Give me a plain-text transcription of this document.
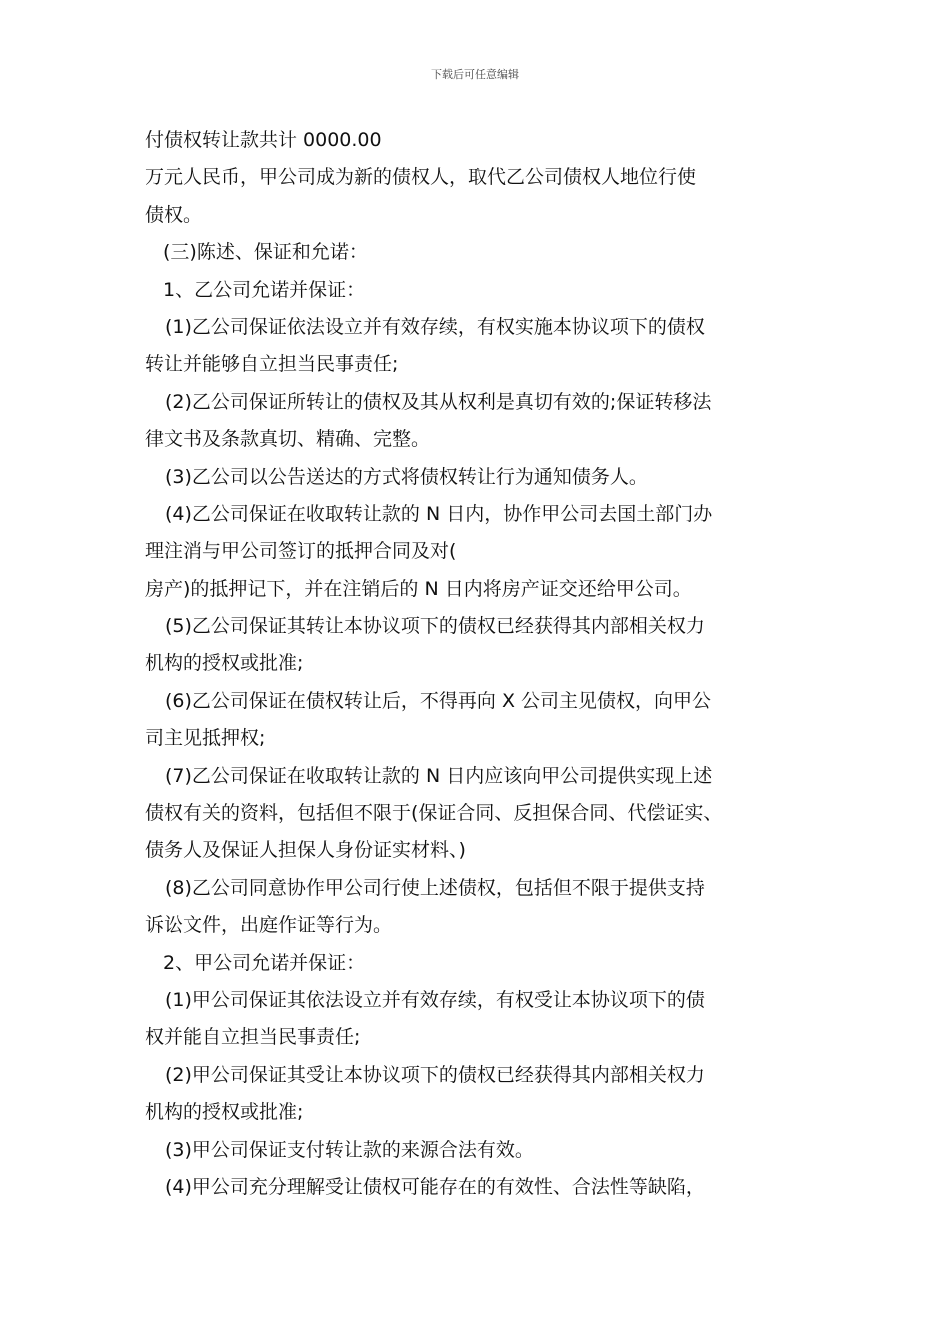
下载后可任意编辑
付债权转让款共计 0000.00
万元人民币，甲公司成为新的债权人，取代乙公司债权人地位行使
债权。
(三)陈述、保证和允诺：
1、乙公司允诺并保证：
(1)乙公司保证依法设立并有效存续，有权实施本协议项下的债权
转让并能够自立担当民事责任;
(2)乙公司保证所转让的债权及其从权利是真切有效的;保证转移法
律文书及条款真切、精确、完整。
(3)乙公司以公告送达的方式将债权转让行为通知债务人。
(4)乙公司保证在收取转让款的 N 日内，协作甲公司去国土部门办
理注消与甲公司签订的抵押合同及对(
房产)的抵押记下，并在注销后的 N 日内将房产证交还给甲公司。
(5)乙公司保证其转让本协议项下的债权已经获得其内部相关权力
机构的授权或批准;
(6)乙公司保证在债权转让后，不得再向 X 公司主见债权，向甲公
司主见抵押权;
(7)乙公司保证在收取转让款的 N 日内应该向甲公司提供实现上述
债权有关的资料，包括但不限于(保证合同、反担保合同、代偿证实、
债务人及保证人担保人身份证实材料、)
(8)乙公司同意协作甲公司行使上述债权，包括但不限于提供支持
诉讼文件，出庭作证等行为。
2、甲公司允诺并保证：
(1)甲公司保证其依法设立并有效存续，有权受让本协议项下的债
权并能自立担当民事责任;
(2)甲公司保证其受让本协议项下的债权已经获得其内部相关权力
机构的授权或批准;
(3)甲公司保证支付转让款的来源合法有效。
(4)甲公司充分理解受让债权可能存在的有效性、合法性等缺陷，
